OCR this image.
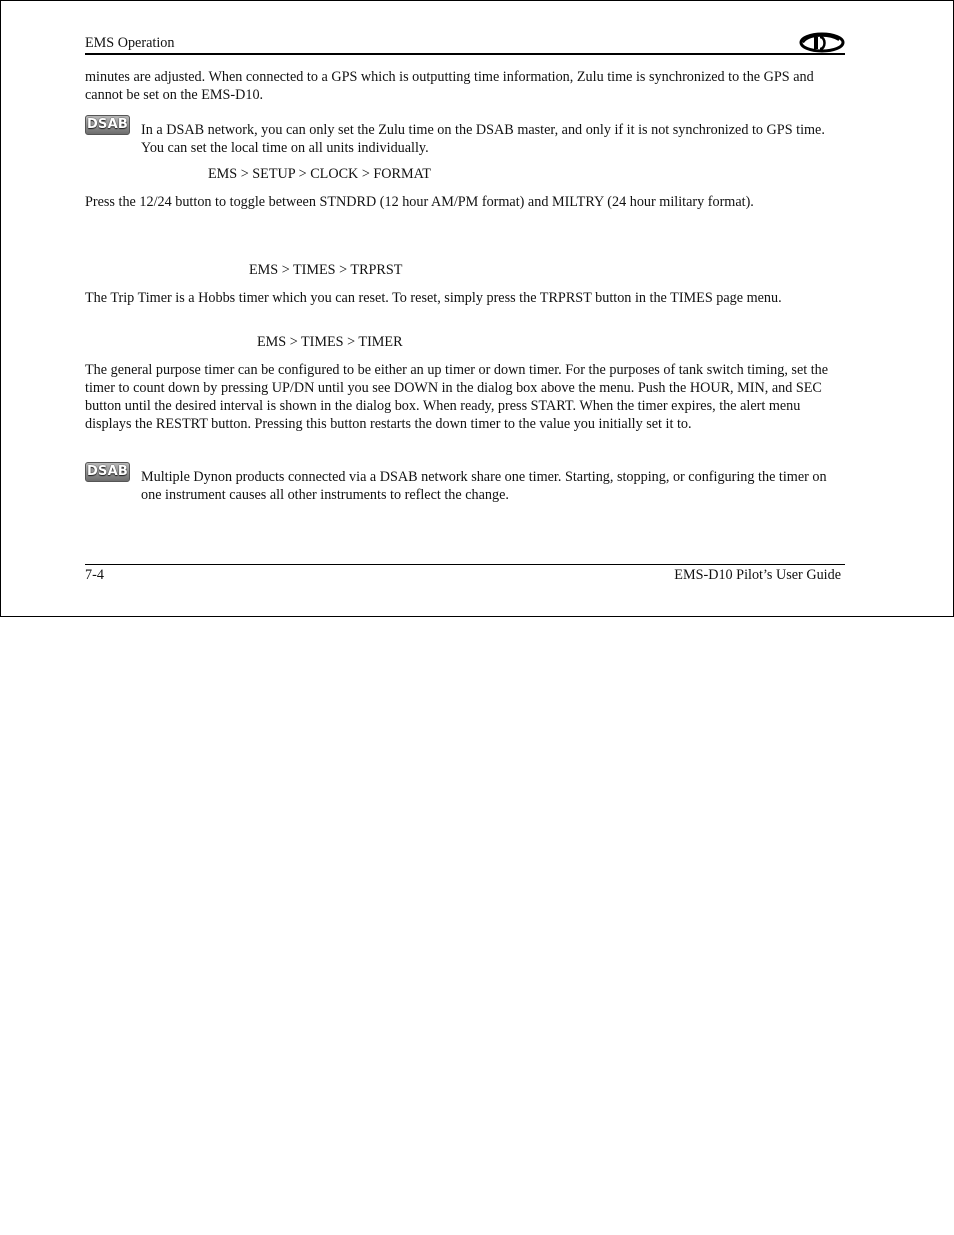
EMS Operation
minutes are adjusted. When connected to a GPS which is outputting time information, Zulu time is synchronized to the GPS and cannot be set on the EMS-D10.
DSAB In a DSAB network, you can only set the Zulu time on the DSAB master, and only if it is not synchronized to GPS time. You can set the local time on all units individually.
EMS > SETUP > CLOCK > FORMAT
Press the 12/24 button to toggle between STNDRD (12 hour AM/PM format) and MILTRY (24 hour military format).
EMS > TIMES > TRPRST
The Trip Timer is a Hobbs timer which you can reset. To reset, simply press the TRPRST button in the TIMES page menu.
EMS > TIMES > TIMER
The general purpose timer can be configured to be either an up timer or down timer. For the purposes of tank switch timing, set the timer to count down by pressing UP/DN until you see DOWN in the dialog box above the menu. Push the HOUR, MIN, and SEC button until the desired interval is shown in the dialog box. When ready, press START. When the timer expires, the alert menu displays the RESTRT button. Pressing this button restarts the down timer to the value you initially set it to.
DSAB Multiple Dynon products connected via a DSAB network share one timer. Starting, stopping, or configuring the timer on one instrument causes all other instruments to reflect the change.
7-4	EMS-D10 Pilot’s User Guide
